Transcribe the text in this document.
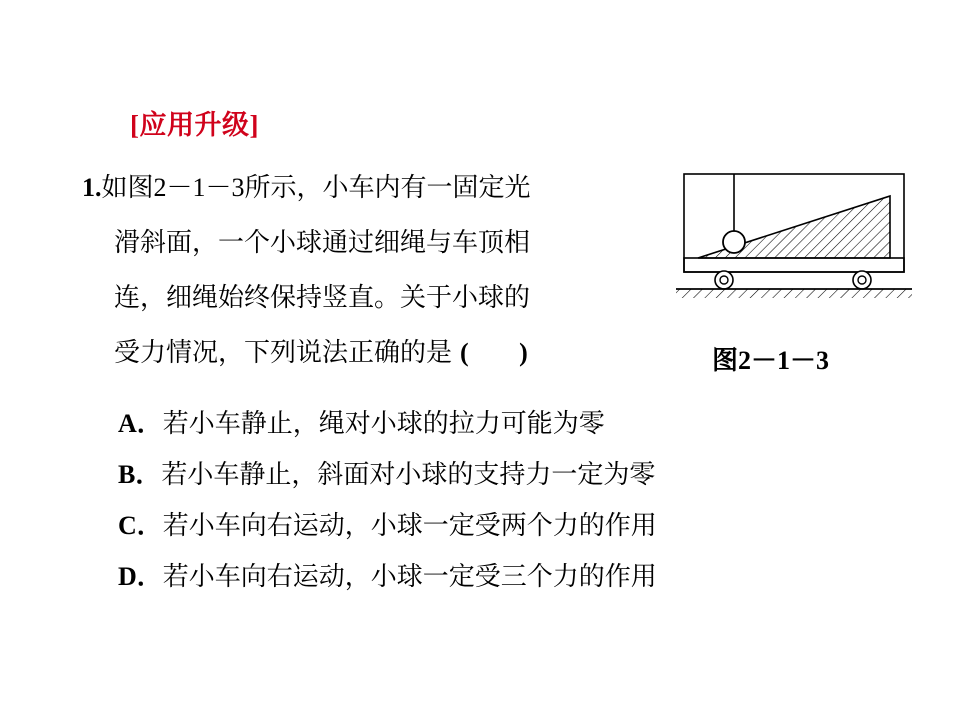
[应用升级]
1.如图2－1－3所示，小车内有一固定光
滑斜面，一个小球通过细绳与车顶相
连，细绳始终保持竖直。关于小球的
受力情况，下列说法正确的是 ( )	图2－1－3
A．若小车静止，绳对小球的拉力可能为零
B．若小车静止，斜面对小球的支持力一定为零
C．若小车向右运动，小球一定受两个力的作用
D．若小车向右运动，小球一定受三个力的作用
